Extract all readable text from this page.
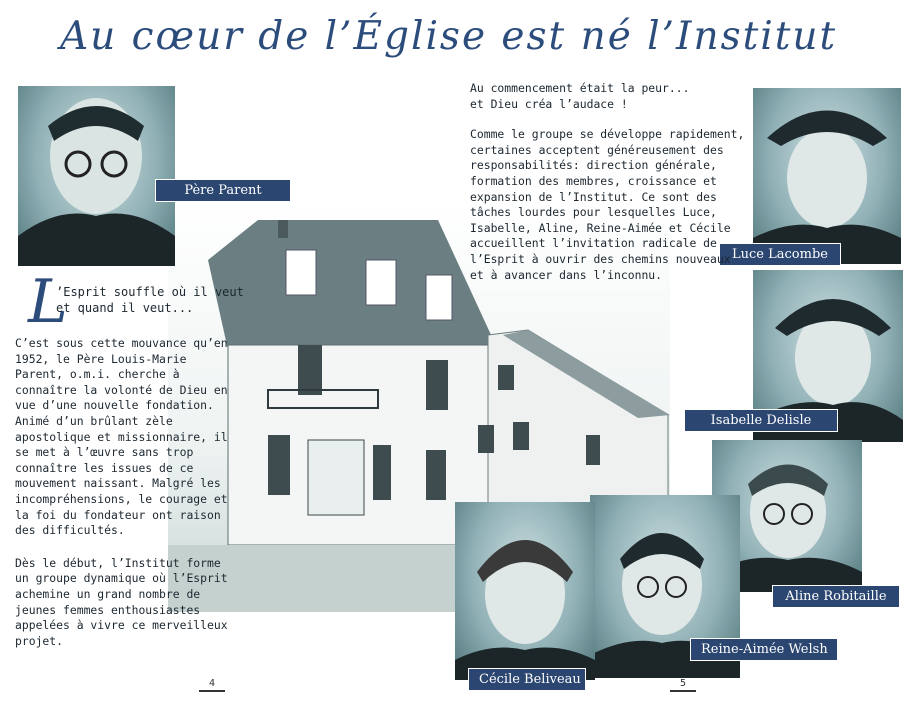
Au cœur de l’Église est né l’Institut
Père Parent
Luce Lacombe
Isabelle Delisle
Aline Robitaille
Reine-Aimée Welsh
Cécile Beliveau
L
’Esprit souffle où il veut
et quand il veut...

C’est sous cette mouvance qu’en 1952, le Père Louis-Marie Parent, o.m.i. cherche à connaître la volonté de Dieu en vue d’une nouvelle fondation. Animé d’un brûlant zèle apostolique et missionnaire, il se met à l’œuvre sans trop connaître les issues de ce mouvement naissant. Malgré les incompréhensions, le courage et la foi du fondateur ont raison des difficultés.

Dès le début, l’Institut forme un groupe dynamique où l’Esprit achemine un grand nombre de jeunes femmes enthousiastes appelées à vivre ce merveilleux projet.

Au commencement était la peur...
et Dieu créa l’audace !

Comme le groupe se développe rapidement, certaines acceptent généreusement des responsabilités: direction générale, formation des membres, croissance et expansion de l’Institut. Ce sont des tâches lourdes pour lesquelles Luce, Isabelle, Aline, Reine-Aimée et Cécile accueillent l’invitation radicale de l’Esprit à ouvrir des chemins nouveaux et à avancer dans l’inconnu.

4	5
